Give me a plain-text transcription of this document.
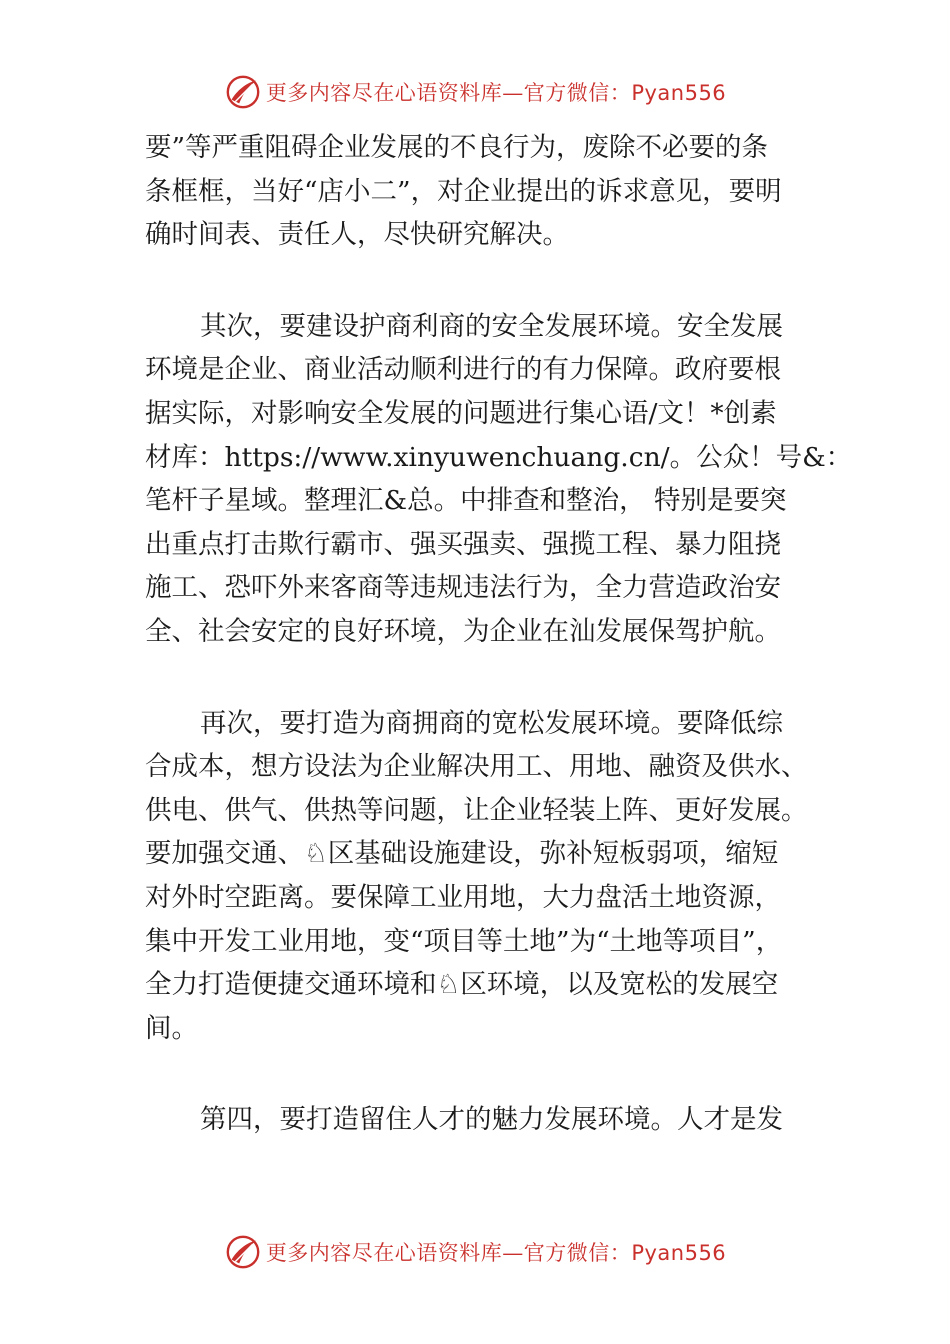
更多内容尽在心语资料库—官方微信：Pyan556
要”等严重阻碍企业发展的不良行为，废除不必要的条
条框框，当好“店小二”，对企业提出的诉求意见，要明
确时间表、责任人，尽快研究解决。
其次，要建设护商利商的安全发展环境。安全发展
环境是企业、商业活动顺利进行的有力保障。政府要根
据实际，对影响安全发展的问题进行集心语/文！*创素
材库：https://www.xinyuwenchuang.cn/。公众！号&：
笔杆子星域。整理汇&总。中排查和整治， 特别是要突
出重点打击欺行霸市、强买强卖、强揽工程、暴力阻挠
施工、恐吓外来客商等违规违法行为，全力营造政治安
全、社会安定的良好环境，为企业在汕发展保驾护航。
再次，要打造为商拥商的宽松发展环境。要降低综
合成本，想方设法为企业解决用工、用地、融资及供水、
供电、供气、供热等问题，让企业轻装上阵、更好发展。
要加强交通、♘区基础设施建设，弥补短板弱项，缩短
对外时空距离。要保障工业用地，大力盘活土地资源，
集中开发工业用地，变“项目等土地”为“土地等项目”，
全力打造便捷交通环境和♘区环境，以及宽松的发展空
间。
第四，要打造留住人才的魅力发展环境。人才是发
更多内容尽在心语资料库—官方微信：Pyan556
